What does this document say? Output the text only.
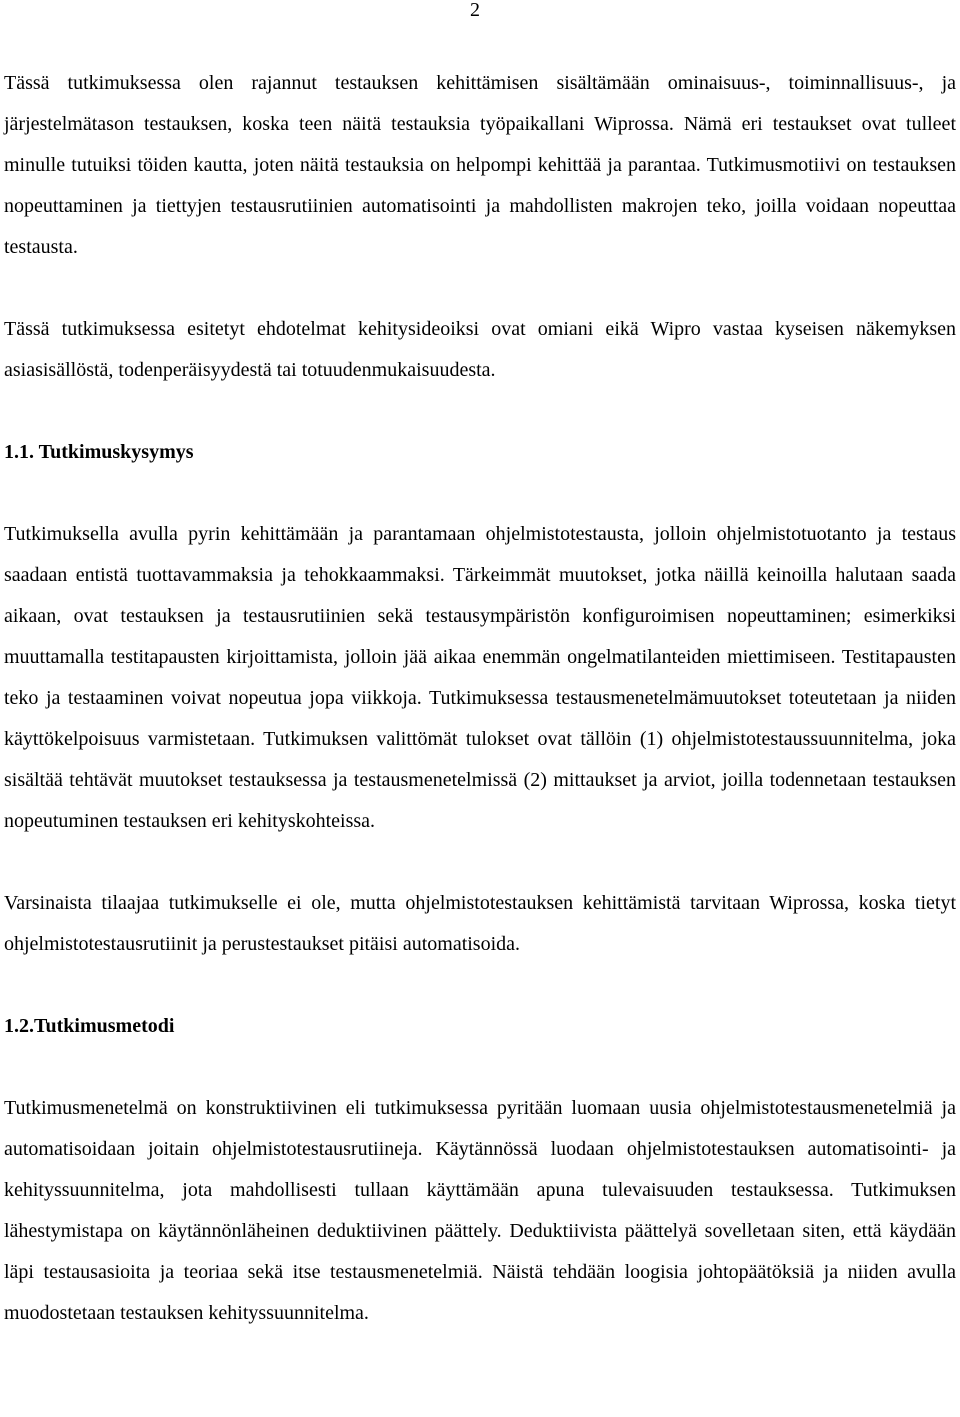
2

Tässä tutkimuksessa olen rajannut testauksen kehittämisen sisältämään ominaisuus-, toiminnallisuus-, ja järjestelmätason testauksen, koska teen näitä testauksia työpaikallani Wiprossa. Nämä eri testaukset ovat tulleet minulle tutuiksi töiden kautta, joten näitä testauksia on helpompi kehittää ja parantaa. Tutkimusmotiivi on testauksen nopeuttaminen ja tiettyjen testausrutiinien automatisointi ja mahdollisten makrojen teko, joilla voidaan nopeuttaa testausta.

Tässä tutkimuksessa esitetyt ehdotelmat kehitysideoiksi ovat omiani eikä Wipro vastaa kyseisen näkemyksen asiasisällöstä, todenperäisyydestä tai totuudenmukaisuudesta.

1.1. Tutkimuskysymys

Tutkimuksella avulla pyrin kehittämään ja parantamaan ohjelmistotestausta, jolloin ohjelmistotuotanto ja testaus saadaan entistä tuottavammaksia ja tehokkaammaksi. Tärkeimmät muutokset, jotka näillä keinoilla halutaan saada aikaan, ovat testauksen ja testausrutiinien sekä testausympäristön konfiguroimisen nopeuttaminen; esimerkiksi muuttamalla testitapausten kirjoittamista, jolloin jää aikaa enemmän ongelmatilanteiden miettimiseen. Testitapausten teko ja testaaminen voivat nopeutua jopa viikkoja. Tutkimuksessa testausmenetelmämuutokset toteutetaan ja niiden käyttökelpoisuus varmistetaan. Tutkimuksen valittömät tulokset ovat tällöin (1) ohjelmistotestaussuunnitelma, joka sisältää tehtävät muutokset testauksessa ja testausmenetelmissä (2) mittaukset ja arviot, joilla todennetaan testauksen nopeutuminen testauksen eri kehityskohteissa.

Varsinaista tilaajaa tutkimukselle ei ole, mutta ohjelmistotestauksen kehittämistä tarvitaan Wiprossa, koska tietyt ohjelmistotestausrutiinit ja perustestaukset pitäisi automatisoida.

1.2.Tutkimusmetodi

Tutkimusmenetelmä on konstruktiivinen eli tutkimuksessa pyritään luomaan uusia ohjelmistotestausmenetelmiä ja automatisoidaan joitain ohjelmistotestausrutiineja. Käytännössä luodaan ohjelmistotestauksen automatisointi- ja kehityssuunnitelma, jota mahdollisesti tullaan käyttämään apuna tulevaisuuden testauksessa. Tutkimuksen lähestymistapa on käytännönläheinen deduktiivinen päättely. Deduktiivista päättelyä sovelletaan siten, että käydään läpi testausasioita ja teoriaa sekä itse testausmenetelmiä. Näistä tehdään loogisia johtopäätöksiä ja niiden avulla muodostetaan testauksen kehityssuunnitelma.
